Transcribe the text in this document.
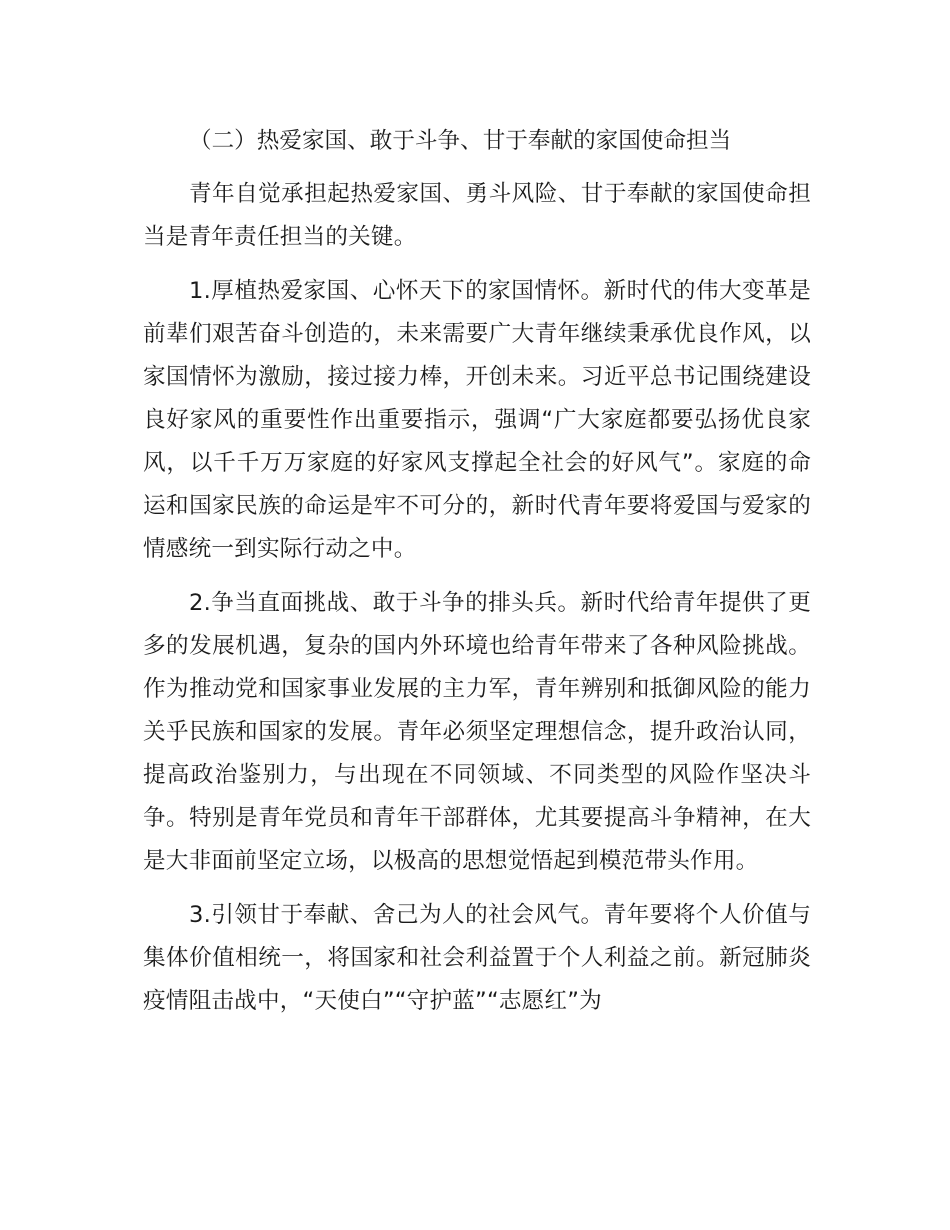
（二）热爱家国、敢于斗争、甘于奉献的家国使命担当

青年自觉承担起热爱家国、勇斗风险、甘于奉献的家国使命担当是青年责任担当的关键。

1.厚植热爱家国、心怀天下的家国情怀。新时代的伟大变革是前辈们艰苦奋斗创造的，未来需要广大青年继续秉承优良作风，以家国情怀为激励，接过接力棒，开创未来。习近平总书记围绕建设良好家风的重要性作出重要指示，强调“广大家庭都要弘扬优良家风，以千千万万家庭的好家风支撑起全社会的好风气”。家庭的命运和国家民族的命运是牢不可分的，新时代青年要将爱国与爱家的情感统一到实际行动之中。

2.争当直面挑战、敢于斗争的排头兵。新时代给青年提供了更多的发展机遇，复杂的国内外环境也给青年带来了各种风险挑战。作为推动党和国家事业发展的主力军，青年辨别和抵御风险的能力关乎民族和国家的发展。青年必须坚定理想信念，提升政治认同，提高政治鉴别力，与出现在不同领域、不同类型的风险作坚决斗争。特别是青年党员和青年干部群体，尤其要提高斗争精神，在大是大非面前坚定立场，以极高的思想觉悟起到模范带头作用。

3.引领甘于奉献、舍己为人的社会风气。青年要将个人价值与集体价值相统一，将国家和社会利益置于个人利益之前。新冠肺炎疫情阻击战中，“天使白”“守护蓝”“志愿红”为
